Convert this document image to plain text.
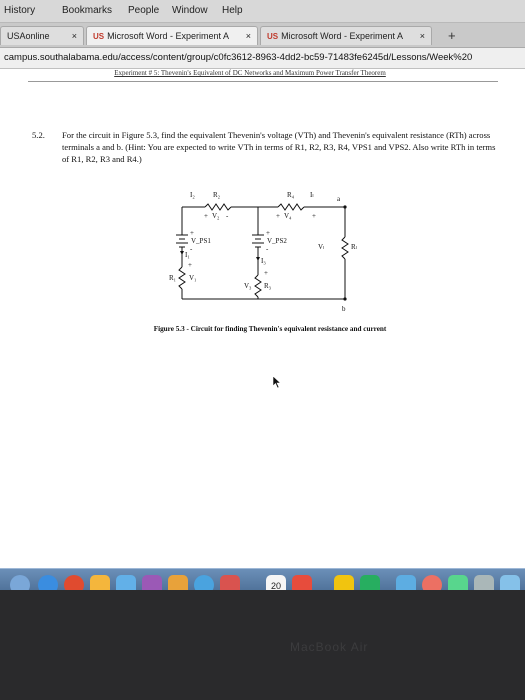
History	Bookmarks People Window Help
USAonline ×	US Microsoft Word - Experiment A ×	US Microsoft Word - Experiment A × +
campus.southalabama.edu/access/content/group/c0fc3612-8963-4dd2-bc59-71483fe6245d/Lessons/Week%20
Experiment # 5: Thevenin's Equivalent of DC Networks and Maximum Power Transfer Theorem
5.2. For the circuit in Figure 5.3, find the equivalent Thevenin's voltage (VTh) and Thevenin's equivalent resistance (RTh) across terminals a and b. (Hint: You are expected to write VTh in terms of R1, R2, R3, R4, VPS1 and VPS2. Also write RTh in terms of R1, R2, R3 and R4.)
I₂	R₂
+ V₂ -
R₄ Iₗ	a
+ V₄	+
+
V_PS1
-
+
V_PS2
-	Vₗ	Rₗ
I₁
I₃
+
R₁ V₁
+
V₃ R₃
b
Figure 5.3 - Circuit for finding Thevenin's equivalent resistance and current
20
MacBook Air
